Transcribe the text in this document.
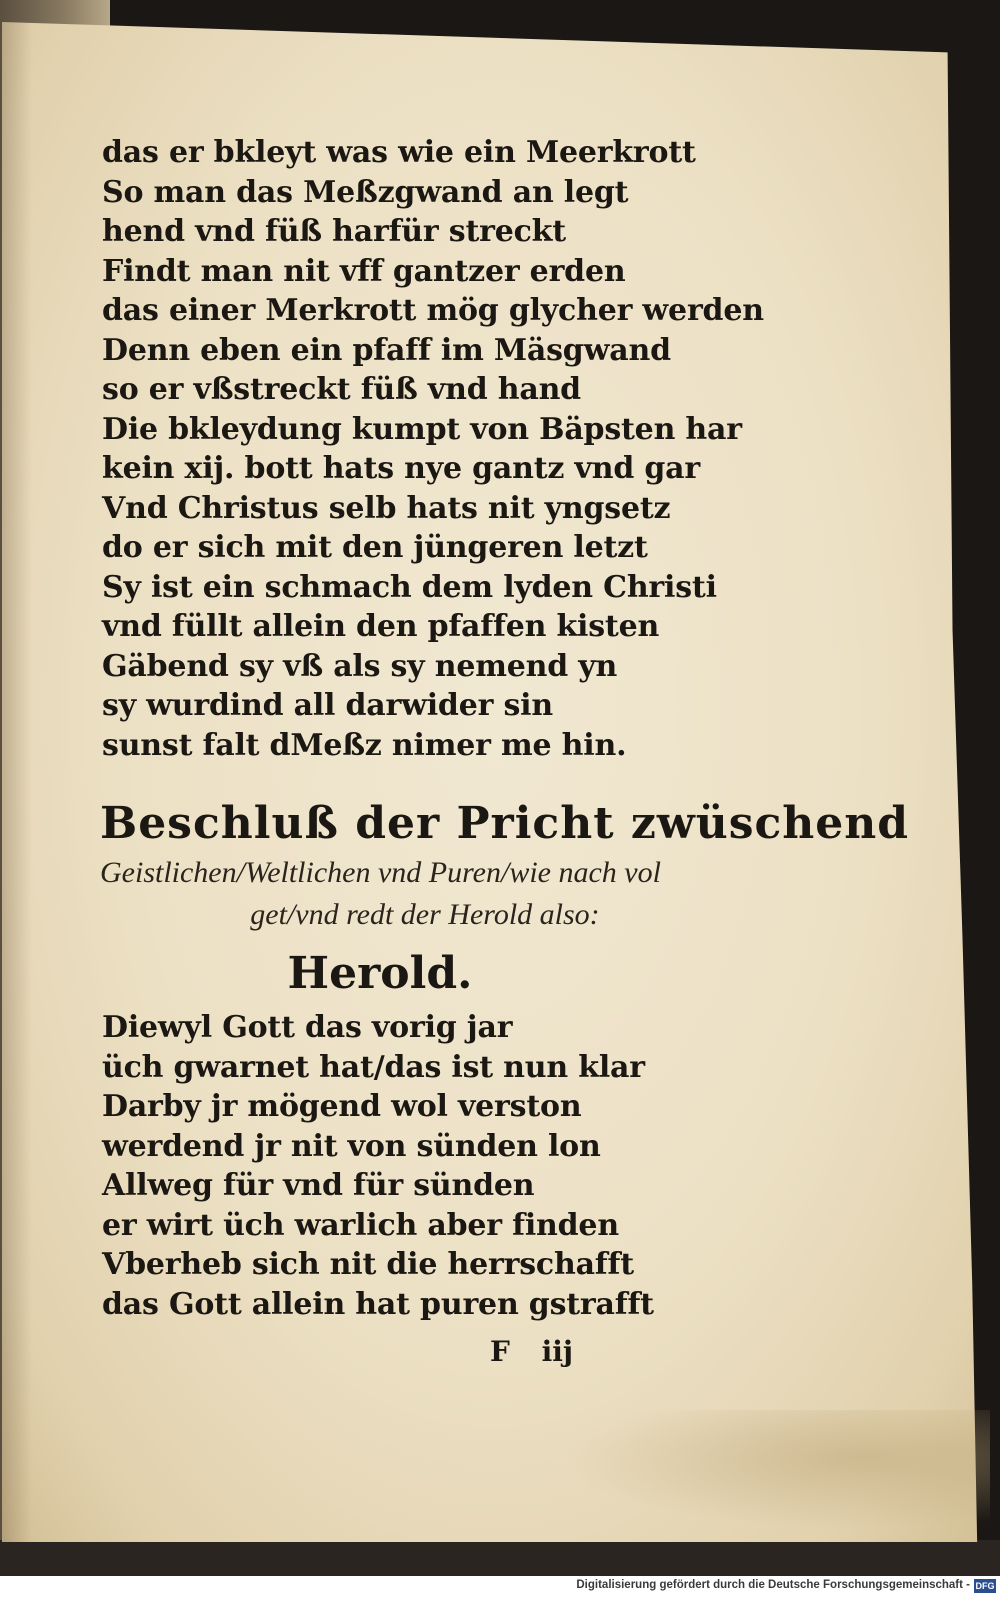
das er bkleyt was wie ein Meerkrott
So man das Meßzgwand an legt
hend vnd füß harfür streckt
Findt man nit vff gantzer erden
das einer Merkrott mög glycher werden
Denn eben ein pfaff im Mäsgwand
so er vßstreckt füß vnd hand
Die bkleydung kumpt von Bäpsten har
kein xij. bott hats nye gantz vnd gar
Vnd Christus selb hats nit yngsetz
do er sich mit den jüngeren letzt
Sy ist ein schmach dem lyden Christi
vnd füllt allein den pfaffen kisten
Gäbend sy vß als sy nemend yn
sy wurdind all darwider sin
sunst falt dMeßz nimer me hin.
Beschluß der Pricht zwüschend
Geistlichen/Weltlichen vnd Puren/wie nach vol
get/vnd redt der Herold also:
Herold.
Diewyl Gott das vorig jar
üch gwarnet hat/das ist nun klar
Darby jr mögend wol verston
werdend jr nit von sünden lon
Allweg für vnd für sünden
er wirt üch warlich aber finden
Vberheb sich nit die herrschafft
das Gott allein hat puren gstrafft
F iij
Digitalisierung gefördert durch die Deutsche Forschungsgemeinschaft - DFG
